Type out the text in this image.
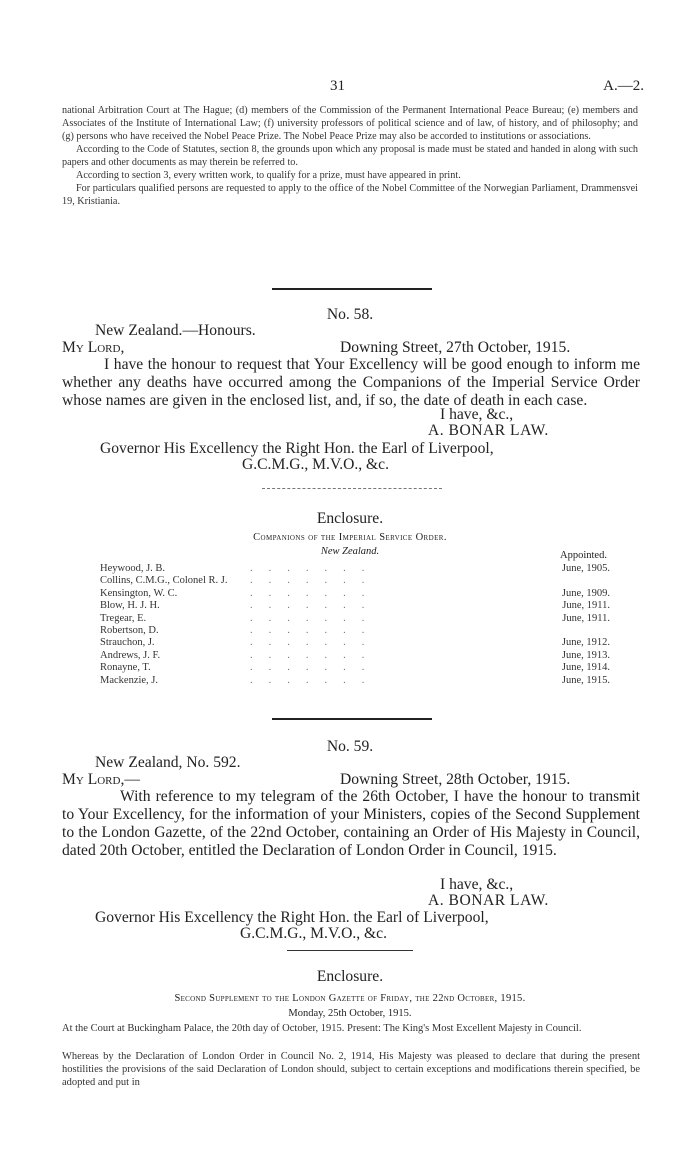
31	A.—2.

national Arbitration Court at The Hague; (d) members of the Commission of the Permanent International Peace Bureau; (e) members and Associates of the Institute of International Law; (f) university professors of political science and of law, of history, and of philosophy; and (g) persons who have received the Nobel Peace Prize. The Nobel Peace Prize may also be accorded to institutions or associations.

According to the Code of Statutes, section 8, the grounds upon which any proposal is made must be stated and handed in along with such papers and other documents as may therein be referred to.

According to section 3, every written work, to qualify for a prize, must have appeared in print.

For particulars qualified persons are requested to apply to the office of the Nobel Committee of the Norwegian Parliament, Drammensvei 19, Kristiania.

No. 58.
New Zealand.—Honours.
My Lord,	Downing Street, 27th October, 1915.
I have the honour to request that Your Excellency will be good enough to inform me whether any deaths have occurred among the Companions of the Imperial Service Order whose names are given in the enclosed list, and, if so, the date of death in each case.
I have, &c.,
A. BONAR LAW.
Governor His Excellency the Right Hon. the Earl of Liverpool,
G.C.M.G., M.V.O., &c.
Enclosure.
Companions of the Imperial Service Order.
New Zealand.	Appointed.
Heywood, J. B.	.......	June, 1905.
Collins, C.M.G., Colonel R. J. .......
Kensington, W. C.	.......	June, 1909.
Blow, H. J. H.	.......	June, 1911.
Tregear, E.	.......	June, 1911.
Robertson, D.	.......
Strauchon, J.	.......	June, 1912.
Andrews, J. F.	.......	June, 1913.
Ronayne, T.	.......	June, 1914.
Mackenzie, J.	.......	June, 1915.
No. 59.
New Zealand, No. 592.
My Lord,—	Downing Street, 28th October, 1915.
With reference to my telegram of the 26th October, I have the honour to transmit to Your Excellency, for the information of your Ministers, copies of the Second Supplement to the London Gazette, of the 22nd October, containing an Order of His Majesty in Council, dated 20th October, entitled the Declaration of London Order in Council, 1915.
I have, &c.,
A. BONAR LAW.
Governor His Excellency the Right Hon. the Earl of Liverpool,
G.C.M.G., M.V.O., &c.
Enclosure.
Second Supplement to the London Gazette of Friday, the 22nd October, 1915.
Monday, 25th October, 1915.
At the Court at Buckingham Palace, the 20th day of October, 1915. Present: The King's Most Excellent Majesty in Council.
Whereas by the Declaration of London Order in Council No. 2, 1914, His Majesty was pleased to declare that during the present hostilities the provisions of the said Declaration of London should, subject to certain exceptions and modifications therein specified, be adopted and put in
